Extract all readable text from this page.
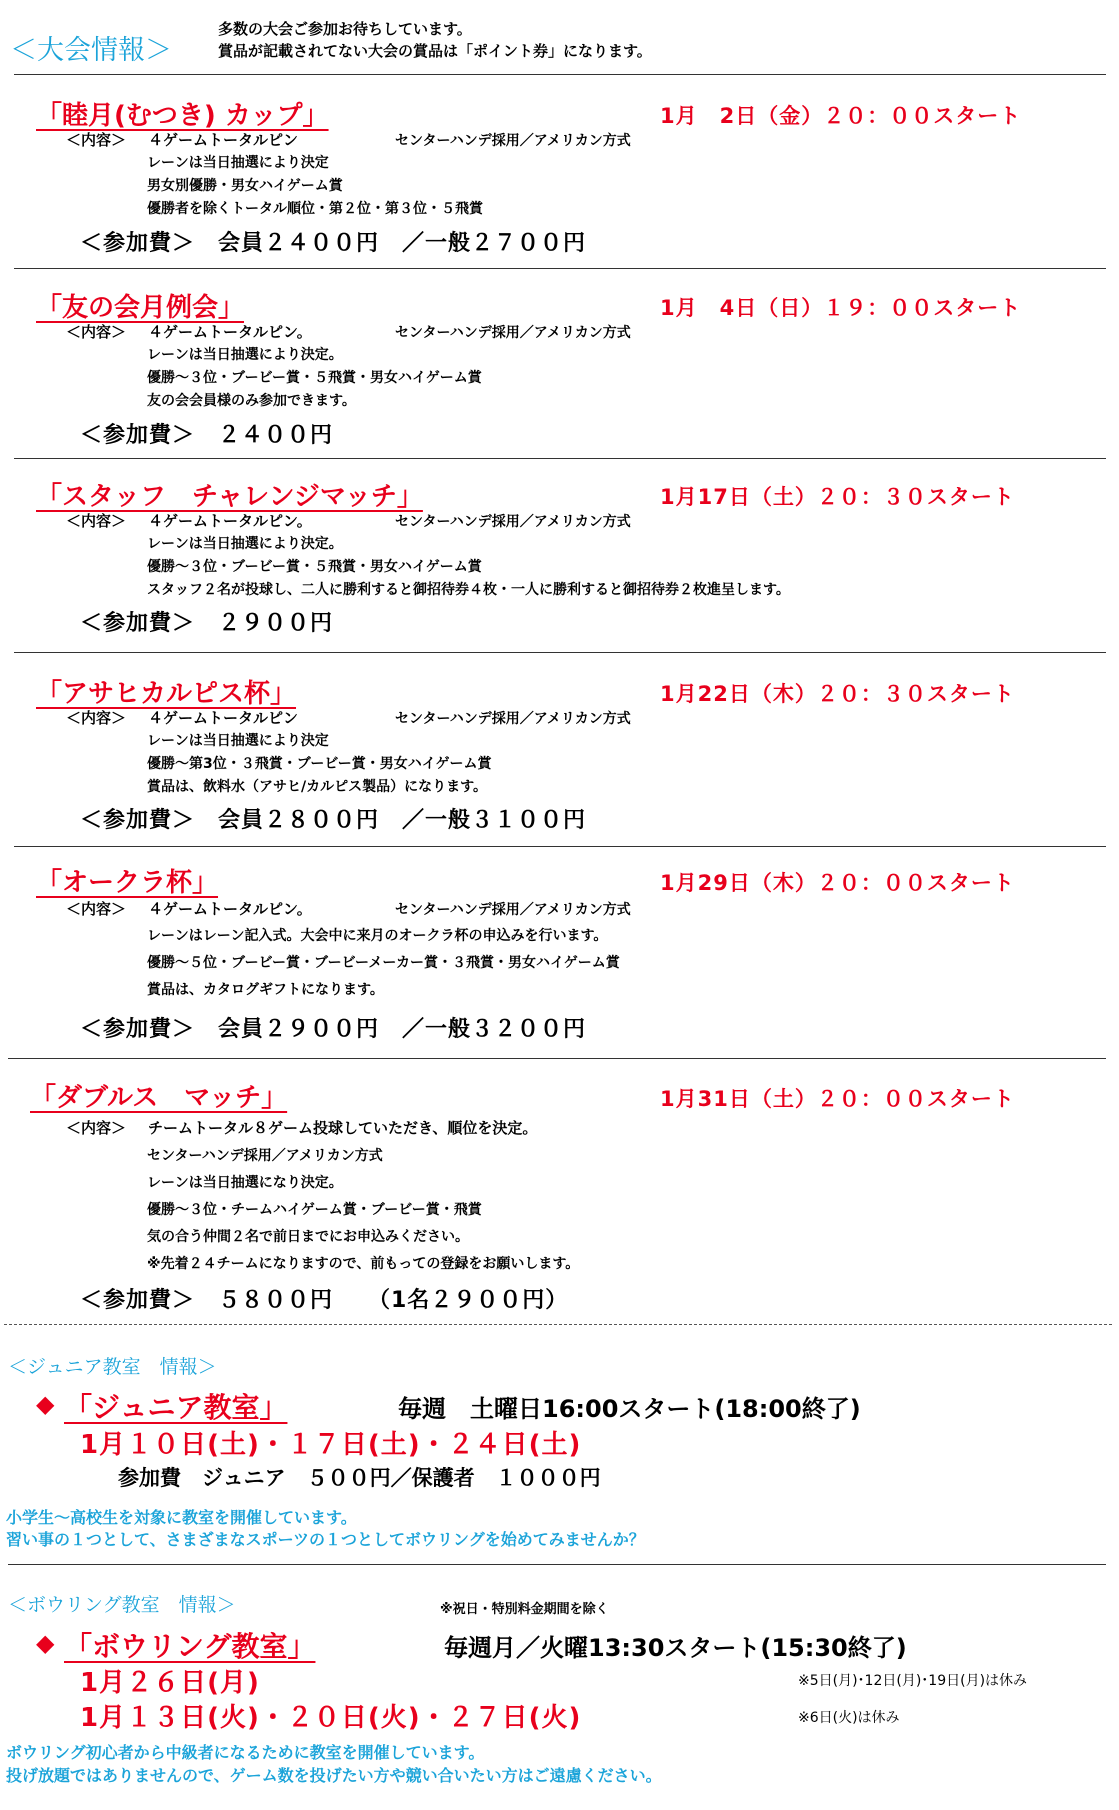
＜大会情報＞
多数の大会ご参加お待ちしています。
賞品が記載されてない大会の賞品は「ポイント券」になります。
「睦月(むつき) カップ」	1月　2日（金）２０：００スタート
＜内容＞ ４ゲームトータルピン	センターハンデ採用／アメリカン方式
レーンは当日抽選により決定
男女別優勝・男女ハイゲーム賞
優勝者を除くトータル順位・第２位・第３位・５飛賞
＜参加費＞　会員２４００円　／一般２７００円
「友の会月例会」	1月　4日（日）１９：００スタート
＜内容＞ ４ゲームトータルピン。	センターハンデ採用／アメリカン方式
レーンは当日抽選により決定。
優勝～３位・ブービー賞・５飛賞・男女ハイゲーム賞
友の会会員様のみ参加できます。
＜参加費＞　２４００円
「スタッフ　チャレンジマッチ」	1月17日（土）２０：３０スタート
＜内容＞ ４ゲームトータルピン。	センターハンデ採用／アメリカン方式
レーンは当日抽選により決定。
優勝～３位・ブービー賞・５飛賞・男女ハイゲーム賞
スタッフ２名が投球し、二人に勝利すると御招待券４枚・一人に勝利すると御招待券２枚進呈します。
＜参加費＞　２９００円
「アサヒカルピス杯」	1月22日（木）２０：３０スタート
＜内容＞ ４ゲームトータルピン	センターハンデ採用／アメリカン方式
レーンは当日抽選により決定
優勝～第3位・３飛賞・ブービー賞・男女ハイゲーム賞
賞品は、飲料水（アサヒ/カルピス製品）になります。
＜参加費＞　会員２８００円　／一般３１００円
「オークラ杯」	1月29日（木）２０：００スタート
＜内容＞ ４ゲームトータルピン。	センターハンデ採用／アメリカン方式
レーンはレーン記入式。大会中に来月のオークラ杯の申込みを行います。
優勝～５位・ブービー賞・ブービーメーカー賞・３飛賞・男女ハイゲーム賞
賞品は、カタログギフトになります。
＜参加費＞　会員２９００円　／一般３２００円
「ダブルス　マッチ」	1月31日（土）２０：００スタート
＜内容＞ チームトータル８ゲーム投球していただき、順位を決定。
センターハンデ採用／アメリカン方式
レーンは当日抽選になり決定。
優勝～３位・チームハイゲーム賞・ブービー賞・飛賞
気の合う仲間２名で前日までにお申込みください。
※先着２４チームになりますので、前もっての登録をお願いします。
＜参加費＞　５８００円　　（1名２９００円）
＜ジュニア教室　情報＞
◆ 「ジュニア教室」	毎週　土曜日16:00スタート(18:00終了)
1月１０日(土)・１７日(土)・２４日(土)
参加費　ジュニア　５００円／保護者　１０００円
小学生～高校生を対象に教室を開催しています。
習い事の１つとして、さまざまなスポーツの１つとしてボウリングを始めてみませんか？
＜ボウリング教室　情報＞	※祝日・特別料金期間を除く
◆ 「ボウリング教室」	毎週月／火曜13:30スタート(15:30終了)
1月２６日(月)	※5日(月)･12日(月)･19日(月)は休み
1月１３日(火)・２０日(火)・２７日(火)	※6日(火)は休み
ボウリング初心者から中級者になるために教室を開催しています。
投げ放題ではありませんので、ゲーム数を投げたい方や競い合いたい方はご遠慮ください。
